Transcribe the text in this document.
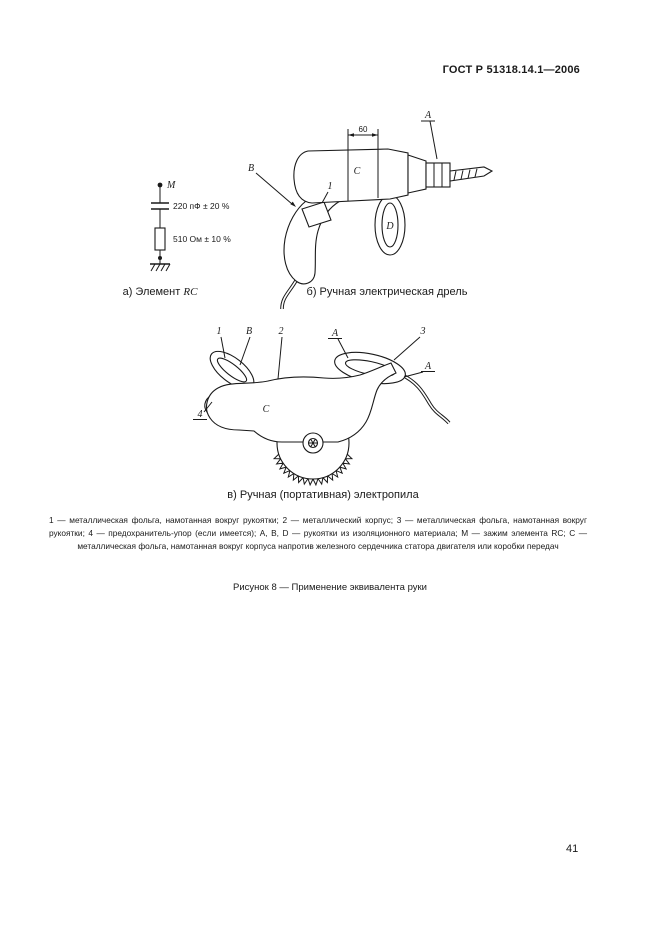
ГОСТ Р 51318.14.1—2006
M
220 пФ ± 20 %
510 Ом ± 10 %
60
A
B	C
1
D
а) Элемент RC	б) Ручная электрическая дрель
1 B	2	A	3
A
4	C
в) Ручная (портативная) электропила
1 — металлическая фольга, намотанная вокруг рукоятки; 2 — металлический корпус; 3 — металлическая фольга, намотанная вокруг рукоятки; 4 — предохранитель-упор (если имеется); А, В, D — рукоятки из изоляционного материала; М — зажим элемента RC; С — металлическая фольга, намотанная вокруг корпуса напротив железного сердечника статора двигателя или коробки передач
Рисунок 8 — Применение эквивалента руки
41
